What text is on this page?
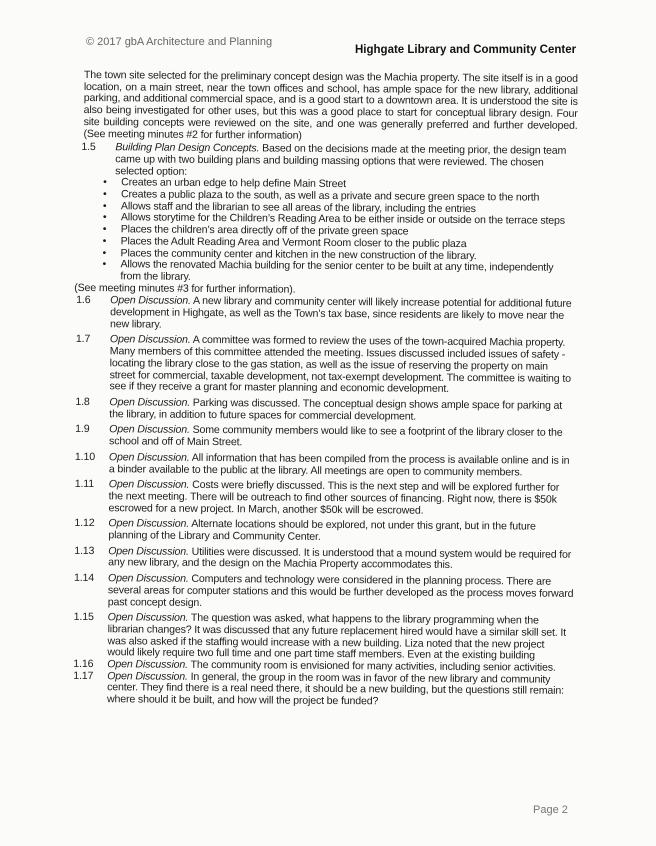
© 2017 gbA Architecture and Planning
Highgate Library and Community Center

The town site selected for the preliminary concept design was the Machia property. The site itself is in a good location, on a main street, near the town offices and school, has ample space for the new library, additional parking, and additional commercial space, and is a good start to a downtown area. It is understood the site is also being investigated for other uses, but this was a good place to start for conceptual library design. Four site building concepts were reviewed on the site, and one was generally preferred and further developed. (See meeting minutes #2 for further information)

1.5	Building Plan Design Concepts. Based on the decisions made at the meeting prior, the design team came up with two building plans and building massing options that were reviewed. The chosen selected option:
• Creates an urban edge to help define Main Street
• Creates a public plaza to the south, as well as a private and secure green space to the north
• Allows staff and the librarian to see all areas of the library, including the entries
• Allows storytime for the Children’s Reading Area to be either inside or outside on the terrace steps
• Places the children’s area directly off of the private green space
• Places the Adult Reading Area and Vermont Room closer to the public plaza
• Places the community center and kitchen in the new construction of the library.
• Allows the renovated Machia building for the senior center to be built at any time, independently from the library.

(See meeting minutes #3 for further information).

1.6	Open Discussion. A new library and community center will likely increase potential for additional future development in Highgate, as well as the Town’s tax base, since residents are likely to move near the new library.
1.7	Open Discussion. A committee was formed to review the uses of the town-acquired Machia property. Many members of this committee attended the meeting. Issues discussed included issues of safety - locating the library close to the gas station, as well as the issue of reserving the property on main street for commercial, taxable development, not tax-exempt development. The committee is waiting to see if they receive a grant for master planning and economic development.
1.8	Open Discussion. Parking was discussed. The conceptual design shows ample space for parking at the library, in addition to future spaces for commercial development.
1.9	Open Discussion. Some community members would like to see a footprint of the library closer to the school and off of Main Street.
1.10	Open Discussion. All information that has been compiled from the process is available online and is in a binder available to the public at the library. All meetings are open to community members.
1.11	Open Discussion. Costs were briefly discussed. This is the next step and will be explored further for the next meeting. There will be outreach to find other sources of financing. Right now, there is $50k escrowed for a new project. In March, another $50k will be escrowed.
1.12	Open Discussion. Alternate locations should be explored, not under this grant, but in the future planning of the Library and Community Center.
1.13	Open Discussion. Utilities were discussed. It is understood that a mound system would be required for any new library, and the design on the Machia Property accommodates this.
1.14	Open Discussion. Computers and technology were considered in the planning process. There are several areas for computer stations and this would be further developed as the process moves forward past concept design.
1.15	Open Discussion. The question was asked, what happens to the library programming when the librarian changes? It was discussed that any future replacement hired would have a similar skill set. It was also asked if the staffing would increase with a new building. Liza noted that the new project would likely require two full time and one part time staff members. Even at the existing building
1.16	Open Discussion. The community room is envisioned for many activities, including senior activities.
1.17	Open Discussion. In general, the group in the room was in favor of the new library and community center. They find there is a real need there, it should be a new building, but the questions still remain: where should it be built, and how will the project be funded?
Page 2
